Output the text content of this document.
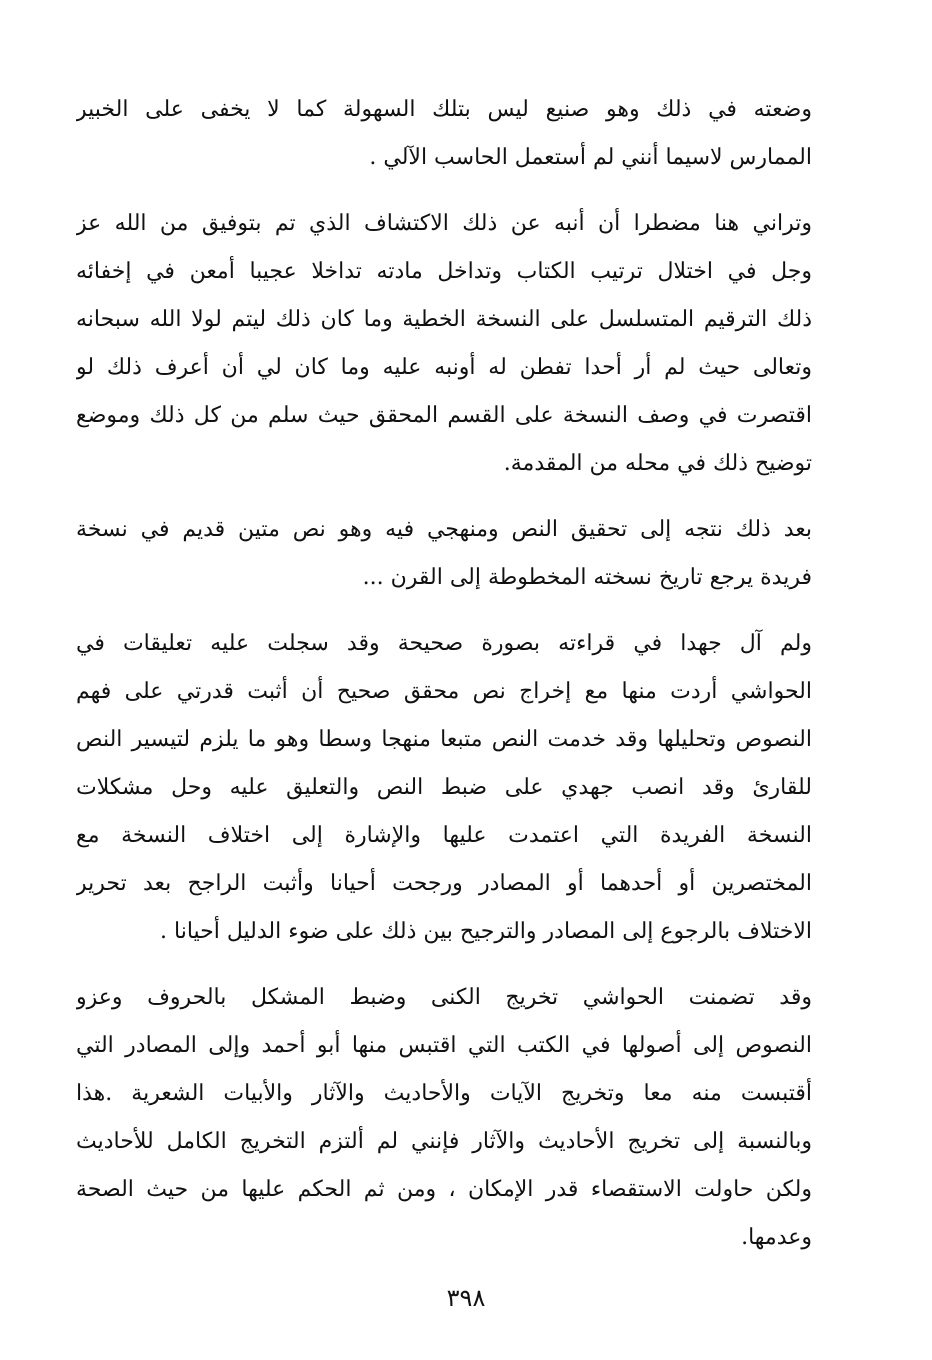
وضعته في ذلك وهو صنيع ليس بتلك السهولة كما لا يخفى على الخبير
الممارس لاسيما أنني لم أستعمل الحاسب الآلي .
وتراني هنا مضطرا أن أنبه عن ذلك الاكتشاف الذي تم بتوفيق من الله عز
وجل في اختلال ترتيب الكتاب وتداخل مادته تداخلا عجيبا أمعن في إخفائه
ذلك الترقيم المتسلسل على النسخة الخطية وما كان ذلك ليتم لولا الله سبحانه
وتعالى حيث لم أر أحدا تفطن له أونبه عليه وما كان لي أن أعرف ذلك لو
اقتصرت في وصف النسخة على القسم المحقق حيث سلم من كل ذلك وموضع
توضيح ذلك في محله من المقدمة.
بعد ذلك نتجه إلى تحقيق النص ومنهجي فيه وهو نص متين قديم في نسخة
فريدة يرجع تاريخ نسخته المخطوطة إلى القرن ...
ولم آل جهدا في قراءته بصورة صحيحة وقد سجلت عليه تعليقات في
الحواشي أردت منها مع إخراج نص محقق صحيح أن أثبت قدرتي على فهم
النصوص وتحليلها وقد خدمت النص متبعا منهجا وسطا وهو ما يلزم لتيسير النص
للقارئ وقد انصب جهدي على ضبط النص والتعليق عليه وحل مشكلات
النسخة الفريدة التي اعتمدت عليها والإشارة إلى اختلاف النسخة مع
المختصرين أو أحدهما أو المصادر ورجحت أحيانا وأثبت الراجح بعد تحرير
الاختلاف بالرجوع إلى المصادر والترجيح بين ذلك على ضوء الدليل أحيانا .
وقد تضمنت الحواشي تخريج الكنى وضبط المشكل بالحروف وعزو
النصوص إلى أصولها في الكتب التي اقتبس منها أبو أحمد وإلى المصادر التي
أقتبست منه معا وتخريج الآيات والأحاديث والآثار والأبيات الشعرية .هذا
وبالنسبة إلى تخريج الأحاديث والآثار فإنني لم ألتزم التخريج الكامل للأحاديث
ولكن حاولت الاستقصاء قدر الإمكان ، ومن ثم الحكم عليها من حيث الصحة
وعدمها.
٣٩٨
